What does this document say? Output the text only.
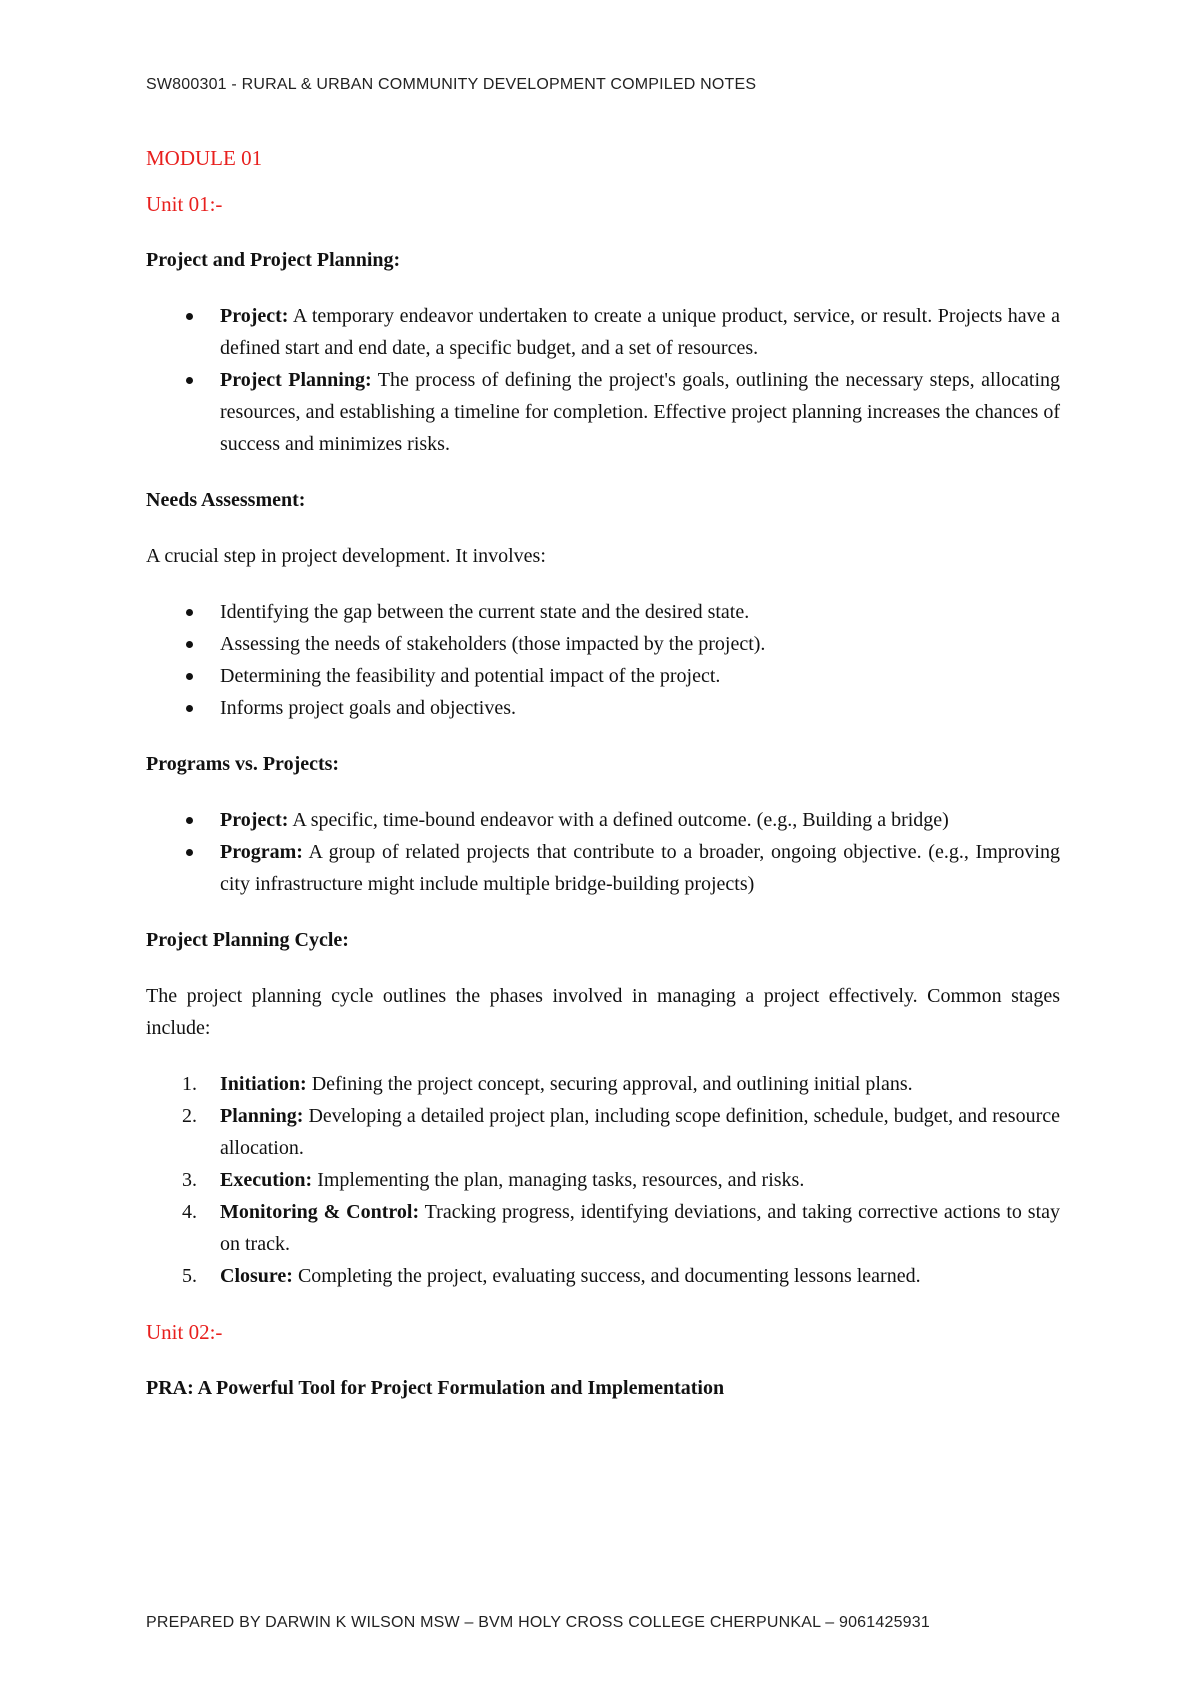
SW800301 - RURAL & URBAN COMMUNITY DEVELOPMENT COMPILED NOTES
MODULE 01
Unit 01:-
Project and Project Planning:
Project: A temporary endeavor undertaken to create a unique product, service, or result. Projects have a defined start and end date, a specific budget, and a set of resources.
Project Planning: The process of defining the project's goals, outlining the necessary steps, allocating resources, and establishing a timeline for completion. Effective project planning increases the chances of success and minimizes risks.
Needs Assessment:

A crucial step in project development. It involves:

Identifying the gap between the current state and the desired state.
Assessing the needs of stakeholders (those impacted by the project).
Determining the feasibility and potential impact of the project.
Informs project goals and objectives.
Programs vs. Projects:
Project: A specific, time-bound endeavor with a defined outcome. (e.g., Building a bridge)
Program: A group of related projects that contribute to a broader, ongoing objective. (e.g., Improving city infrastructure might include multiple bridge-building projects)
Project Planning Cycle:

The project planning cycle outlines the phases involved in managing a project effectively. Common stages include:

1. Initiation: Defining the project concept, securing approval, and outlining initial plans.
2. Planning: Developing a detailed project plan, including scope definition, schedule, budget, and resource allocation.
3. Execution: Implementing the plan, managing tasks, resources, and risks.
4. Monitoring & Control: Tracking progress, identifying deviations, and taking corrective actions to stay on track.
5. Closure: Completing the project, evaluating success, and documenting lessons learned.
Unit 02:-
PRA: A Powerful Tool for Project Formulation and Implementation
PREPARED BY DARWIN K WILSON MSW – BVM HOLY CROSS COLLEGE CHERPUNKAL – 9061425931
